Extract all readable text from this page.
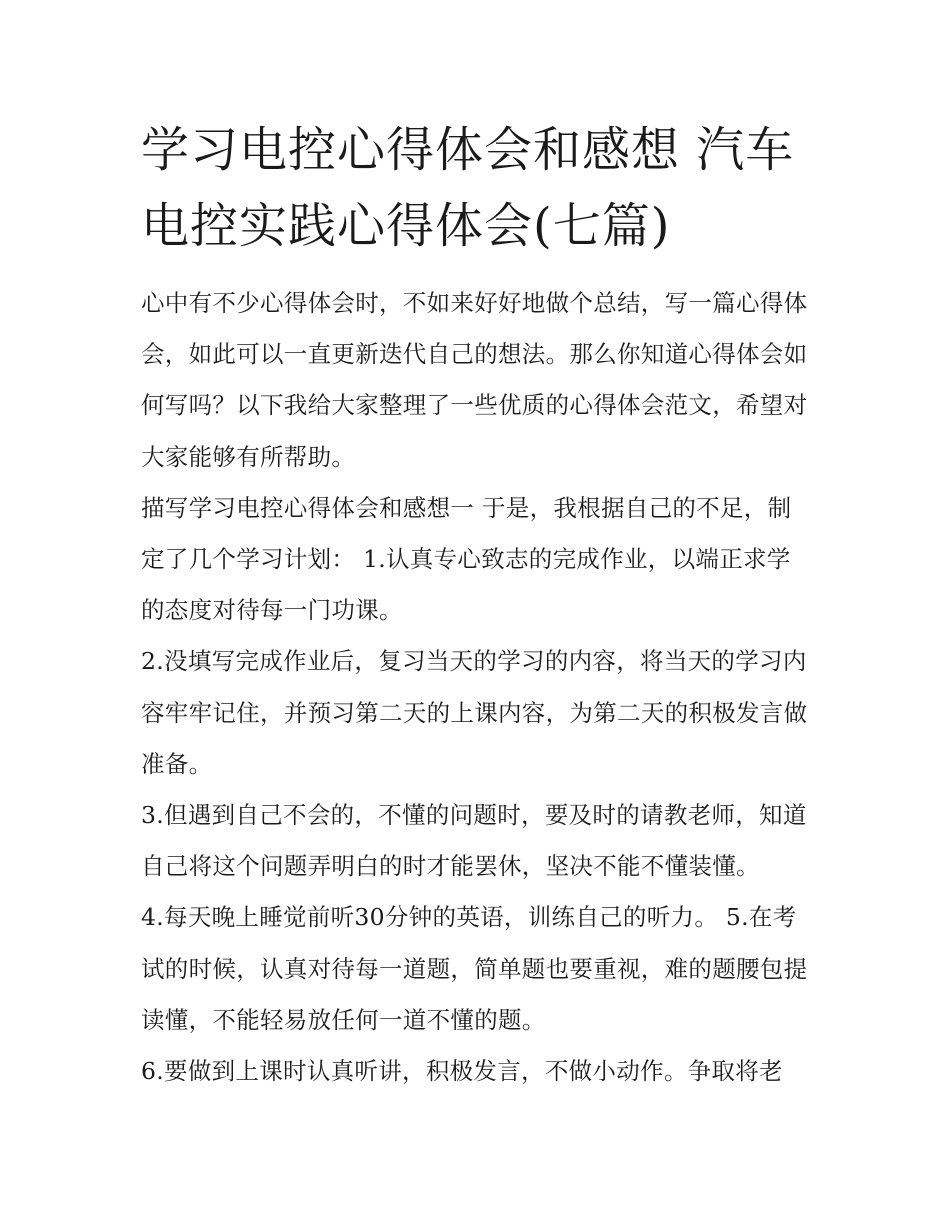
学习电控心得体会和感想 汽车电控实践心得体会(七篇)

心中有不少心得体会时，不如来好好地做个总结，写一篇心得体会，如此可以一直更新迭代自己的想法。那么你知道心得体会如何写吗？以下我给大家整理了一些优质的心得体会范文，希望对大家能够有所帮助。

描写学习电控心得体会和感想一 于是，我根据自己的不足，制定了几个学习计划： 1.认真专心致志的完成作业，以端正求学的态度对待每一门功课。

2.没填写完成作业后，复习当天的学习的内容，将当天的学习内容牢牢记住，并预习第二天的上课内容，为第二天的积极发言做准备。

3.但遇到自己不会的，不懂的问题时，要及时的请教老师，知道自己将这个问题弄明白的时才能罢休，坚决不能不懂装懂。

4.每天晚上睡觉前听30分钟的英语，训练自己的听力。 5.在考试的时候，认真对待每一道题，简单题也要重视，难的题腰包提读懂，不能轻易放任何一道不懂的题。

6.要做到上课时认真听讲，积极发言，不做小动作。争取将老
